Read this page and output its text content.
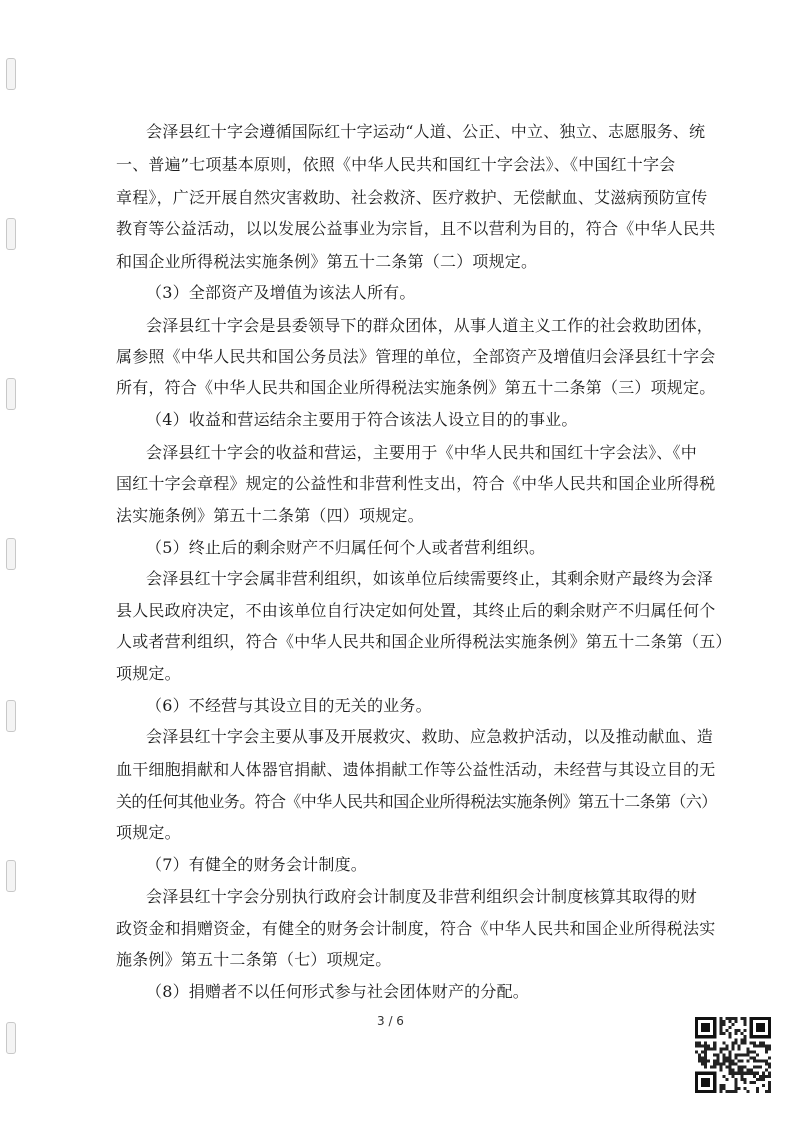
会泽县红十字会遵循国际红十字运动“人道、公正、中立、独立、志愿服务、统
一、普遍”七项基本原则，依照《中华人民共和国红十字会法》、《中国红十字会
章程》，广泛开展自然灾害救助、社会救济、医疗救护、无偿献血、艾滋病预防宣传
教育等公益活动，以以发展公益事业为宗旨，且不以营利为目的，符合《中华人民共
和国企业所得税法实施条例》第五十二条第（二）项规定。
（3）全部资产及增值为该法人所有。
会泽县红十字会是县委领导下的群众团体，从事人道主义工作的社会救助团体，
属参照《中华人民共和国公务员法》管理的单位，全部资产及增值归会泽县红十字会
所有，符合《中华人民共和国企业所得税法实施条例》第五十二条第（三）项规定。
（4）收益和营运结余主要用于符合该法人设立目的的事业。
会泽县红十字会的收益和营运，主要用于《中华人民共和国红十字会法》、《中
国红十字会章程》规定的公益性和非营利性支出，符合《中华人民共和国企业所得税
法实施条例》第五十二条第（四）项规定。
（5）终止后的剩余财产不归属任何个人或者营利组织。
会泽县红十字会属非营利组织，如该单位后续需要终止，其剩余财产最终为会泽
县人民政府决定，不由该单位自行决定如何处置，其终止后的剩余财产不归属任何个
人或者营利组织，符合《中华人民共和国企业所得税法实施条例》第五十二条第（五）
项规定。
（6）不经营与其设立目的无关的业务。
会泽县红十字会主要从事及开展救灾、救助、应急救护活动，以及推动献血、造
血干细胞捐献和人体器官捐献、遗体捐献工作等公益性活动，未经营与其设立目的无
关的任何其他业务。符合《中华人民共和国企业所得税法实施条例》第五十二条第（六）
项规定。
（7）有健全的财务会计制度。
会泽县红十字会分别执行政府会计制度及非营利组织会计制度核算其取得的财
政资金和捐赠资金，有健全的财务会计制度，符合《中华人民共和国企业所得税法实
施条例》第五十二条第（七）项规定。
（8）捐赠者不以任何形式参与社会团体财产的分配。
3 / 6
